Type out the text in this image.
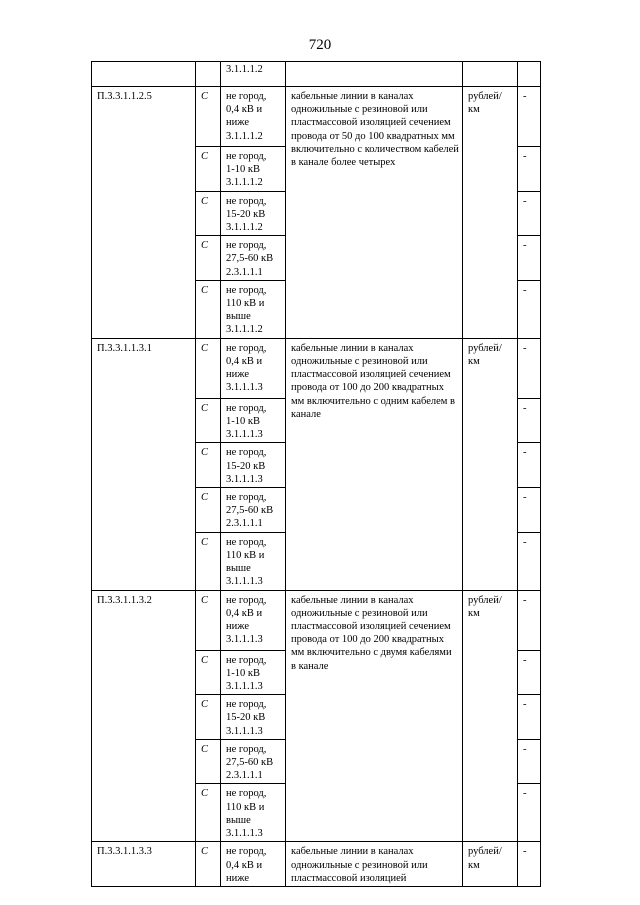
720
		3.1.1.1.2			
П.3.3.1.1.2.5	С	не город,
0,4 кВ и
ниже
3.1.1.1.2	кабельные линии в каналах одножильные с резиновой или пластмассовой изоляцией сечением провода от 50 до 100 квадратных мм включительно с количеством кабелей в канале более четырех	рублей/ км	-
	С	не город,
1-10 кВ
3.1.1.1.2			-
	С	не город,
15-20 кВ
3.1.1.1.2			-
	С	не город,
27,5-60 кВ
2.3.1.1.1			-
	С	не город,
110 кВ и
выше
3.1.1.1.2			-
П.3.3.1.1.3.1	С	не город,
0,4 кВ и
ниже
3.1.1.1.3	кабельные линии в каналах одножильные с резиновой или пластмассовой изоляцией сечением провода от 100 до 200 квадратных мм включительно с одним кабелем в канале	рублей/ км	-
	С	не город,
1-10 кВ
3.1.1.1.3			-
	С	не город,
15-20 кВ
3.1.1.1.3			-
	С	не город,
27,5-60 кВ
2.3.1.1.1			-
	С	не город,
110 кВ и
выше
3.1.1.1.3			-
П.3.3.1.1.3.2	С	не город,
0,4 кВ и
ниже
3.1.1.1.3	кабельные линии в каналах одножильные с резиновой или пластмассовой изоляцией сечением провода от 100 до 200 квадратных мм включительно с двумя кабелями в канале	рублей/ км	-
	С	не город,
1-10 кВ
3.1.1.1.3			-
	С	не город,
15-20 кВ
3.1.1.1.3			-
	С	не город,
27,5-60 кВ
2.3.1.1.1			-
	С	не город,
110 кВ и
выше
3.1.1.1.3			-
П.3.3.1.1.3.3	С	не город,
0,4 кВ и
ниже	кабельные линии в каналах одножильные с резиновой или пластмассовой изоляцией	рублей/ км	-
